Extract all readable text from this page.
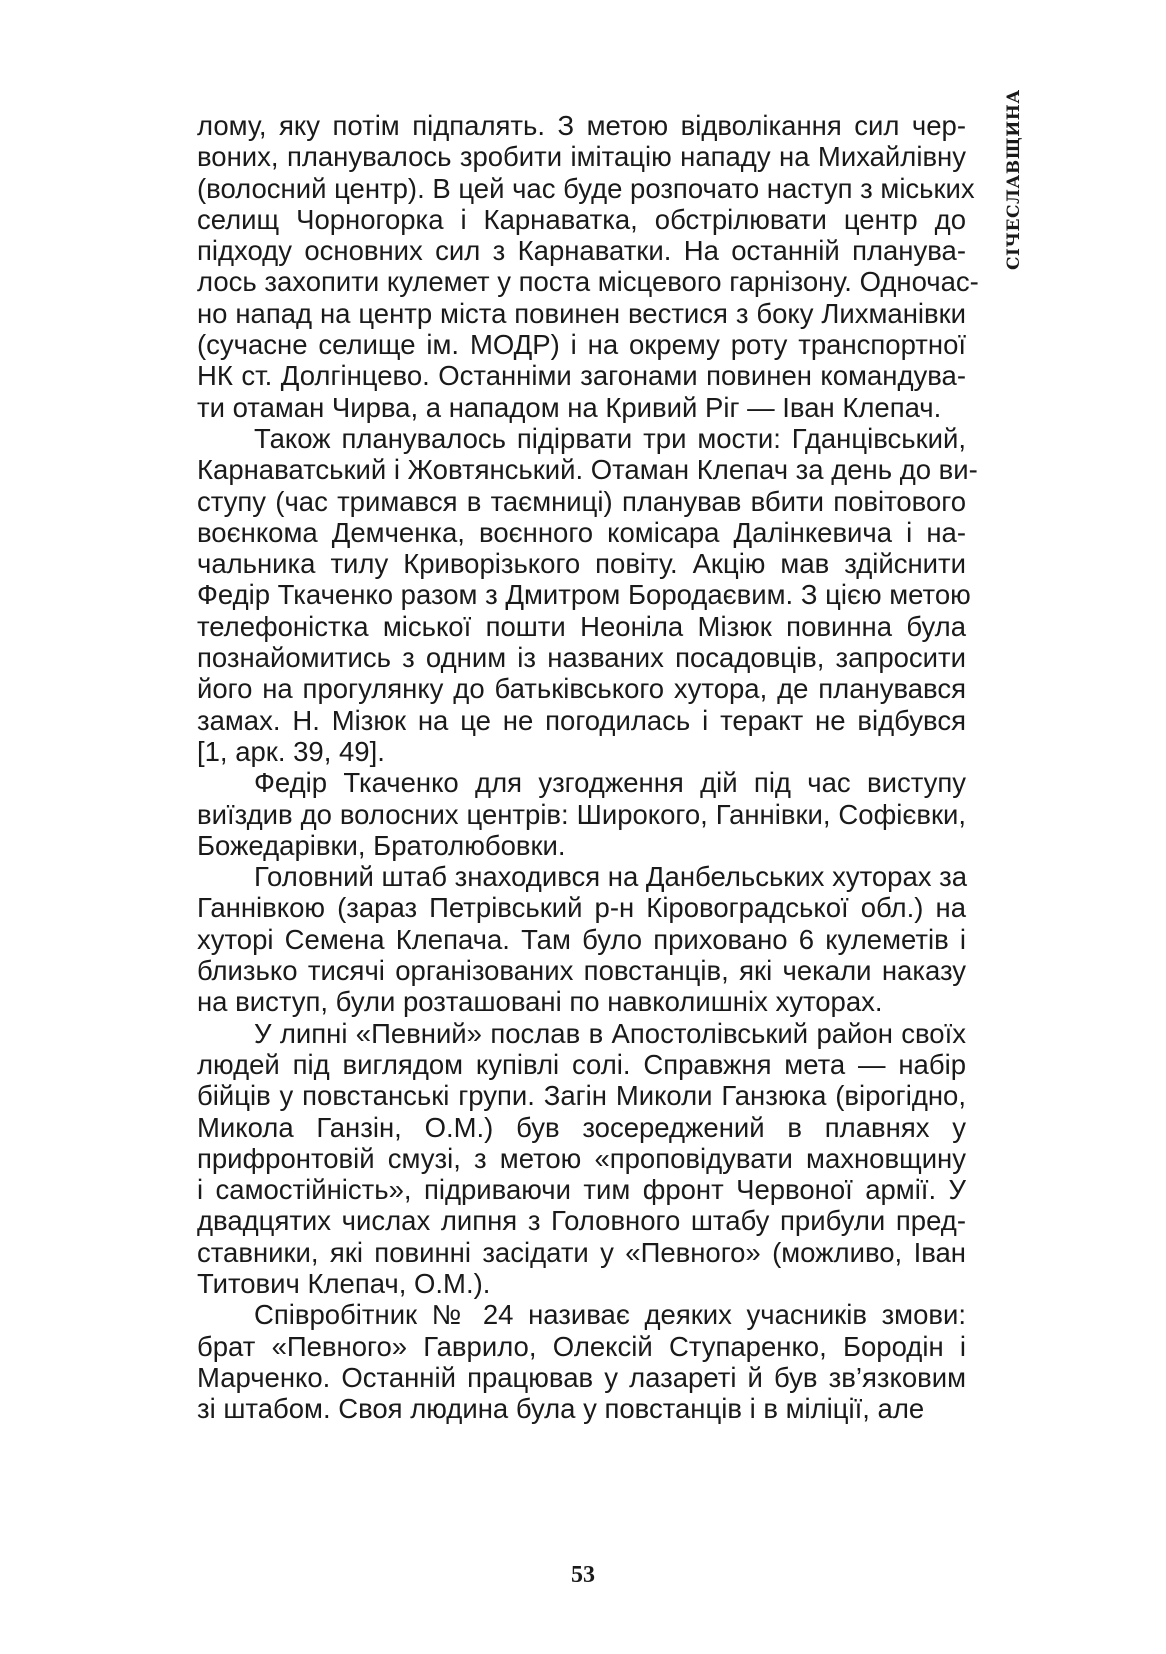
СІЧЕСЛАВЩИНА
лому, яку потім підпалять. З метою відволікання сил чер-
воних, планувалось зробити імітацію нападу на Михайлівну
(волосний центр). В цей час буде розпочато наступ з міських
селищ Чорногорка і Карнаватка, обстрілювати центр до
підходу основних сил з Карнаватки. На останній планува-
лось захопити кулемет у поста місцевого гарнізону. Одночас-
но напад на центр міста повинен вестися з боку Лихманівки
(сучасне селище ім. МОДР) і на окрему роту транспортної
НК ст. Долгінцево. Останніми загонами повинен командува-
ти отаман Чирва, а нападом на Кривий Ріг — Іван Клепач.
Також планувалось підірвати три мости: Гданцівський,
Карнаватський і Жовтянський. Отаман Клепач за день до ви-
ступу (час тримався в таємниці) планував вбити повітового
воєнкома Демченка, воєнного комісара Далінкевича і на-
чальника тилу Криворізького повіту. Акцію мав здійснити
Федір Ткаченко разом з Дмитром Бородаєвим. З цією метою
телефоністка міської пошти Неоніла Мізюк повинна була
познайомитись з одним із названих посадовців, запросити
його на прогулянку до батьківського хутора, де планувався
замах. Н. Мізюк на це не погодилась і теракт не відбувся
[1, арк. 39, 49].
Федір Ткаченко для узгодження дій під час виступу
виїздив до волосних центрів: Широкого, Ганнівки, Софієвки,
Божедарівки, Братолюбовки.
Головний штаб знаходився на Данбельських хуторах за
Ганнівкою (зараз Петрівський р-н Кіровоградської обл.) на
хуторі Семена Клепача. Там було приховано 6 кулеметів і
близько тисячі організованих повстанців, які чекали наказу
на виступ, були розташовані по навколишніх хуторах.
У липні «Певний» послав в Апостолівський район своїх
людей під виглядом купівлі солі. Справжня мета — набір
бійців у повстанські групи. Загін Миколи Ганзюка (вірогідно,
Микола Ганзін, О.М.) був зосереджений в плавнях у
прифронтовій смузі, з метою «проповідувати махновщину
і самостійність», підриваючи тим фронт Червоної армії. У
двадцятих числах липня з Головного штабу прибули пред-
ставники, які повинні засідати у «Певного» (можливо, Іван
Титович Клепач, О.М.).
Співробітник № 24 називає деяких учасників змови:
брат «Певного» Гаврило, Олексій Ступаренко, Бородін і
Марченко. Останній працював у лазареті й був зв’язковим
зі штабом. Своя людина була у повстанців і в міліції, але
53
